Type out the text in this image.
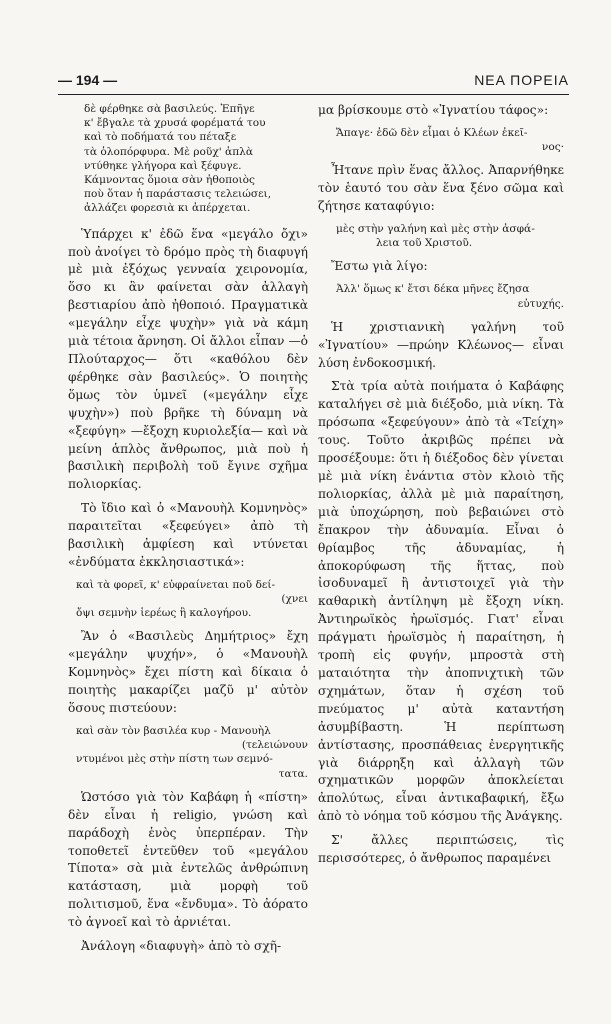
— 194 —	ΝΕΑ ΠΟΡΕΙΑ
δὲ φέρθηκε σὰ βασιλεύς. Ἐπῆγε
κ' ἔβγαλε τὰ χρυσά φορέματά του
καὶ τὸ ποδήματά του πέταξε
τὰ ὁλοπόρφυρα. Μὲ ροῦχ' ἁπλὰ
ντύθηκε γλήγορα καὶ ξέφυγε.
Κάμνοντας ὅμοια σὰν ἠθοποιὸς
ποὺ ὅταν ἡ παράστασις τελειώσει,
ἀλλάζει φορεσιὰ κι ἀπέρχεται.

Ὑπάρχει κ' ἐδῶ ἕνα «μεγάλο ὄχι» ποὺ ἀνοίγει τὸ δρόμο πρὸς τὴ διαφυγή μὲ μιὰ ἐξόχως γενναία χειρονομία, ὅσο κι ἂν φαίνεται σὰν ἀλλαγὴ βεστιαρίου ἀπὸ ἠθοποιό. Πραγματικὰ «μεγάλην εἶχε ψυχὴν» γιὰ νὰ κάμη μιὰ τέτοια ἄρνηση. Οἱ ἄλλοι εἶπαν —ὁ Πλούταρχος— ὅτι «καθόλου δὲν φέρθηκε σὰν βασιλεύς». Ὁ ποιητὴς ὅμως τὸν ὑμνεῖ («μεγάλην εἶχε ψυχὴν») ποὺ βρῆκε τὴ δύναμη νὰ «ξεφύγη» —ἔξοχη κυριολεξία— καὶ νὰ μείνη ἁπλὸς ἄνθρωπος, μιὰ ποὺ ἡ βασιλικὴ περιβολὴ τοῦ ἔγινε σχῆμα πολιορκίας.

Τὸ ἴδιο καὶ ὁ «Μανουὴλ Κομνηνὸς» παραιτεῖται «ξεφεύγει» ἀπὸ τὴ βασιλικὴ ἀμφίεση καὶ ντύνεται «ἐνδύματα ἐκκλησιαστικά»:

καὶ τὰ φορεῖ, κ' εὐφραίνεται ποῦ δεί-
(χνει
ὄψι σεμνὴν ἱερέως ἢ καλογήρου.

Ἂν ὁ «Βασιλεὺς Δημήτριος» ἔχη «μεγάλην ψυχήν», ὁ «Μανουὴλ Κομνηνὸς» ἔχει πίστη καὶ δίκαια ὁ ποιητὴς μακαρίζει μαζῦ μ' αὐτὸν ὅσους πιστεύουν:

καὶ σὰν τὸν βασιλέα κυρ - Μανουὴλ
(τελειώνουν
ντυμένοι μὲς στὴν πίστη των σεμνό-
τατα.

Ὡστόσο γιὰ τὸν Καβάφη ἡ «πίστη» δὲν εἶναι ἡ religio, γνώση καὶ παράδοχὴ ἑνὸς ὑπερπέραν. Τὴν τοποθετεῖ ἐντεῦθεν τοῦ «μεγάλου Τίποτα» σὰ μιὰ ἐντελῶς ἀνθρώπινη κατάσταση, μιὰ μορφὴ τοῦ πολιτισμοῦ, ἕνα «ἔνδυμα». Τὸ ἀόρατο τὸ ἀγνοεῖ καὶ τὸ ἀρνιέται.

Ἀνάλογη «διαφυγὴ» ἀπὸ τὸ σχῆ-

μα βρίσκουμε στὸ «Ἰγνατίου τάφος»:

Ἄπαγε· ἐδῶ δὲν εἶμαι ὁ Κλέων ἐκεῖ-
νος·

Ἦτανε πρὶν ἕνας ἄλλος. Ἀπαρνήθηκε τὸν ἑαυτό του σὰν ἕνα ξένο σῶμα καὶ ζήτησε καταφύγιο:

μὲς στὴν γαλήνη καὶ μὲς στὴν ἀσφά-
λεια τοῦ Χριστοῦ.

Ἔστω γιὰ λίγο:

Ἀλλ' ὅμως κ' ἔτσι δέκα μῆνες ἔζησα
εὐτυχής.

Ἡ χριστιανικὴ γαλήνη τοῦ «Ἰγνατίου» —πρώην Κλέωνος— εἶναι λύση ἐνδοκοσμική.

Στὰ τρία αὐτὰ ποιήματα ὁ Καβάφης καταλήγει σὲ μιὰ διέξοδο, μιὰ νίκη. Τὰ πρόσωπα «ξεφεύγουν» ἀπὸ τὰ «Τείχη» τους. Τοῦτο ἀκριβῶς πρέπει νὰ προσέξουμε: ὅτι ἡ διέξοδος δὲν γίνεται μὲ μιὰ νίκη ἐνάντια στὸν κλοιὸ τῆς πολιορκίας, ἀλλὰ μὲ μιὰ παραίτηση, μιὰ ὑποχώρηση, ποὺ βεβαιώνει στὸ ἔπακρον τὴν ἀδυναμία. Εἶναι ὁ θρίαμβος τῆς ἀδυναμίας, ἡ ἀποκορύφωση τῆς ἥττας, ποὺ ἰσοδυναμεῖ ἢ ἀντιστοιχεῖ γιὰ τὴν καθαρικὴ ἀντίληψη μὲ ἔξοχη νίκη. Ἀντιηρωϊκὸς ἠρωϊσμός. Γιατ' εἶναι πράγματι ἠρωϊσμὸς ἡ παραίτηση, ἡ τροπὴ εἰς φυγήν, μπροστὰ στὴ ματαιότητα τὴν ἀποπνιχτικὴ τῶν σχημάτων, ὅταν ἡ σχέση τοῦ πνεύματος μ' αὐτὰ καταντήση ἀσυμβίβαστη. Ἡ περίπτωση ἀντίστασης, προσπάθειας ἐνεργητικῆς γιὰ διάρρηξη καὶ ἀλλαγὴ τῶν σχηματικῶν μορφῶν ἀποκλείεται ἀπολύτως, εἶναι ἀντικαβαφική, ἔξω ἀπὸ τὸ νόημα τοῦ κόσμου τῆς Ἀνάγκης.

Σ' ἄλλες περιπτώσεις, τὶς περισσότερες, ὁ ἄνθρωπος παραμένει
